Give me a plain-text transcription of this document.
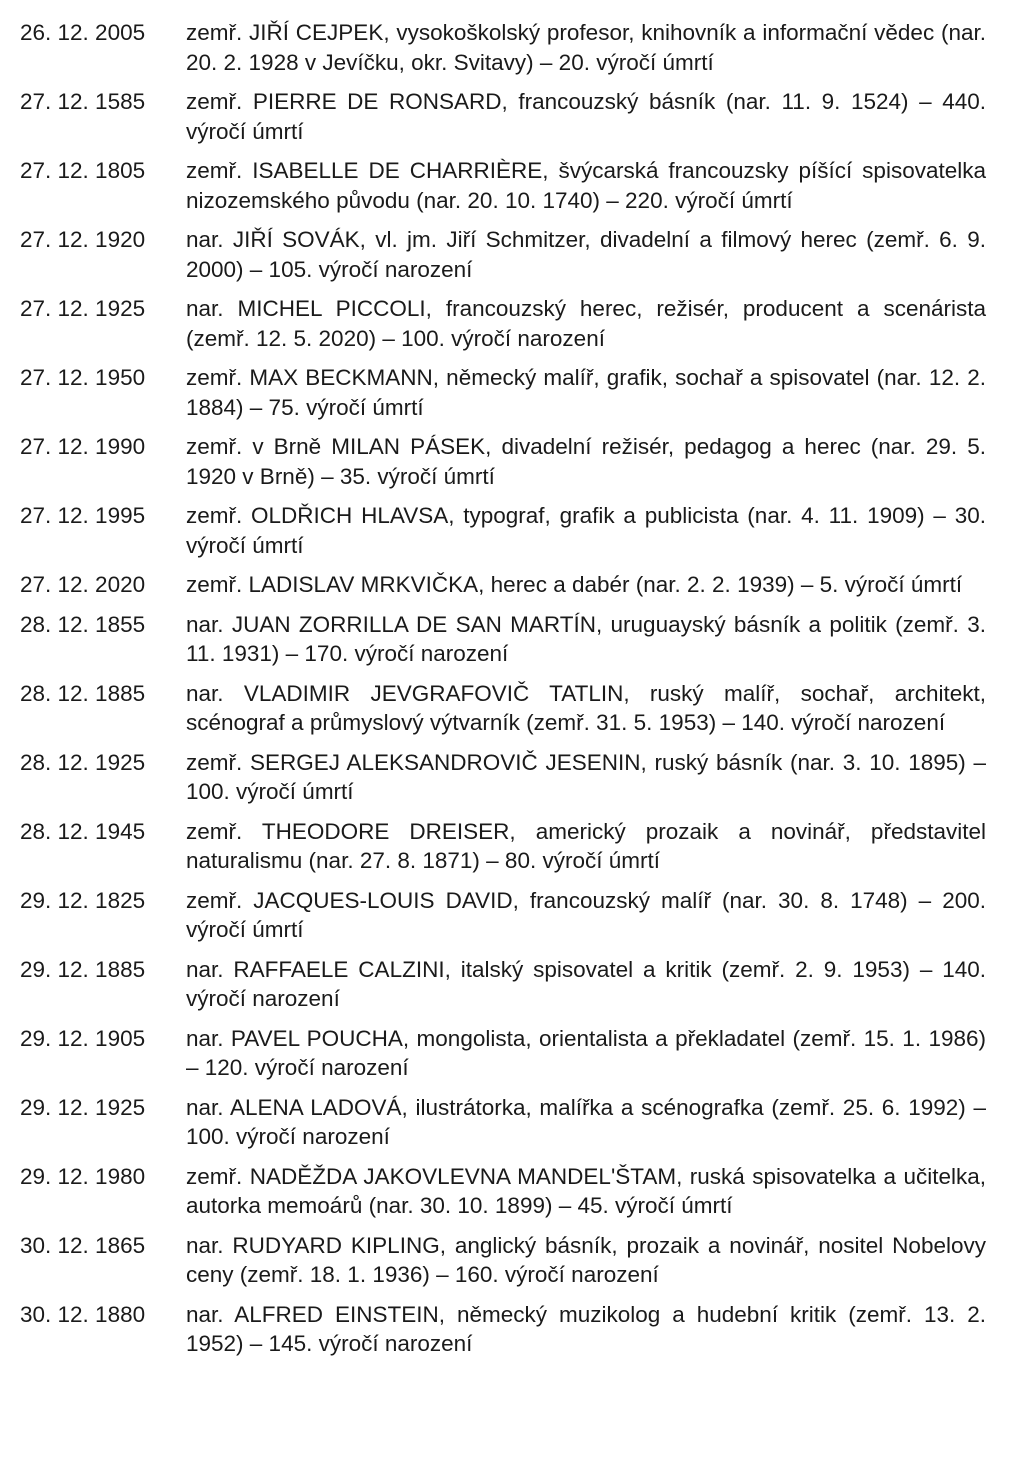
26. 12. 2005	zemř. JIŘÍ CEJPEK, vysokoškolský profesor, knihovník a informační vědec (nar. 20. 2. 1928 v Jevíčku, okr. Svitavy) – 20. výročí úmrtí
27. 12. 1585	zemř. PIERRE DE RONSARD, francouzský básník (nar. 11. 9. 1524) – 440. výročí úmrtí
27. 12. 1805	zemř. ISABELLE DE CHARRIÈRE, švýcarská francouzsky píšící spisovatelka nizozemského původu (nar. 20. 10. 1740) – 220. výročí úmrtí
27. 12. 1920	nar. JIŘÍ SOVÁK, vl. jm. Jiří Schmitzer, divadelní a filmový herec (zemř. 6. 9. 2000) – 105. výročí narození
27. 12. 1925	nar. MICHEL PICCOLI, francouzský herec, režisér, producent a scenárista (zemř. 12. 5. 2020) – 100. výročí narození
27. 12. 1950	zemř. MAX BECKMANN, německý malíř, grafik, sochař a spisovatel (nar. 12. 2. 1884) – 75. výročí úmrtí
27. 12. 1990	zemř. v Brně MILAN PÁSEK, divadelní režisér, pedagog a herec (nar. 29. 5. 1920 v Brně) – 35. výročí úmrtí
27. 12. 1995	zemř. OLDŘICH HLAVSA, typograf, grafik a publicista (nar. 4. 11. 1909) – 30. výročí úmrtí
27. 12. 2020	zemř. LADISLAV MRKVIČKA, herec a dabér (nar. 2. 2. 1939) – 5. výročí úmrtí
28. 12. 1855	nar. JUAN ZORRILLA DE SAN MARTÍN, uruguayský básník a politik (zemř. 3. 11. 1931) – 170. výročí narození
28. 12. 1885	nar. VLADIMIR JEVGRAFOVIČ TATLIN, ruský malíř, sochař, architekt, scénograf a průmyslový výtvarník (zemř. 31. 5. 1953) – 140. výročí narození
28. 12. 1925	zemř. SERGEJ ALEKSANDROVIČ JESENIN, ruský básník (nar. 3. 10. 1895) – 100. výročí úmrtí
28. 12. 1945	zemř. THEODORE DREISER, americký prozaik a novinář, představitel naturalismu (nar. 27. 8. 1871) – 80. výročí úmrtí
29. 12. 1825	zemř. JACQUES-LOUIS DAVID, francouzský malíř (nar. 30. 8. 1748) – 200. výročí úmrtí
29. 12. 1885	nar. RAFFAELE CALZINI, italský spisovatel a kritik (zemř. 2. 9. 1953) – 140. výročí narození
29. 12. 1905	nar. PAVEL POUCHA, mongolista, orientalista a překladatel (zemř. 15. 1. 1986) – 120. výročí narození
29. 12. 1925	nar. ALENA LADOVÁ, ilustrátorka, malířka a scénografka (zemř. 25. 6. 1992) – 100. výročí narození
29. 12. 1980	zemř. NADĚŽDA JAKOVLEVNA MANDEL'ŠTAM, ruská spisovatelka a učitelka, autorka memoárů (nar. 30. 10. 1899) – 45. výročí úmrtí
30. 12. 1865	nar. RUDYARD KIPLING, anglický básník, prozaik a novinář, nositel Nobelovy ceny (zemř. 18. 1. 1936) – 160. výročí narození
30. 12. 1880	nar. ALFRED EINSTEIN, německý muzikolog a hudební kritik (zemř. 13. 2. 1952) – 145. výročí narození
